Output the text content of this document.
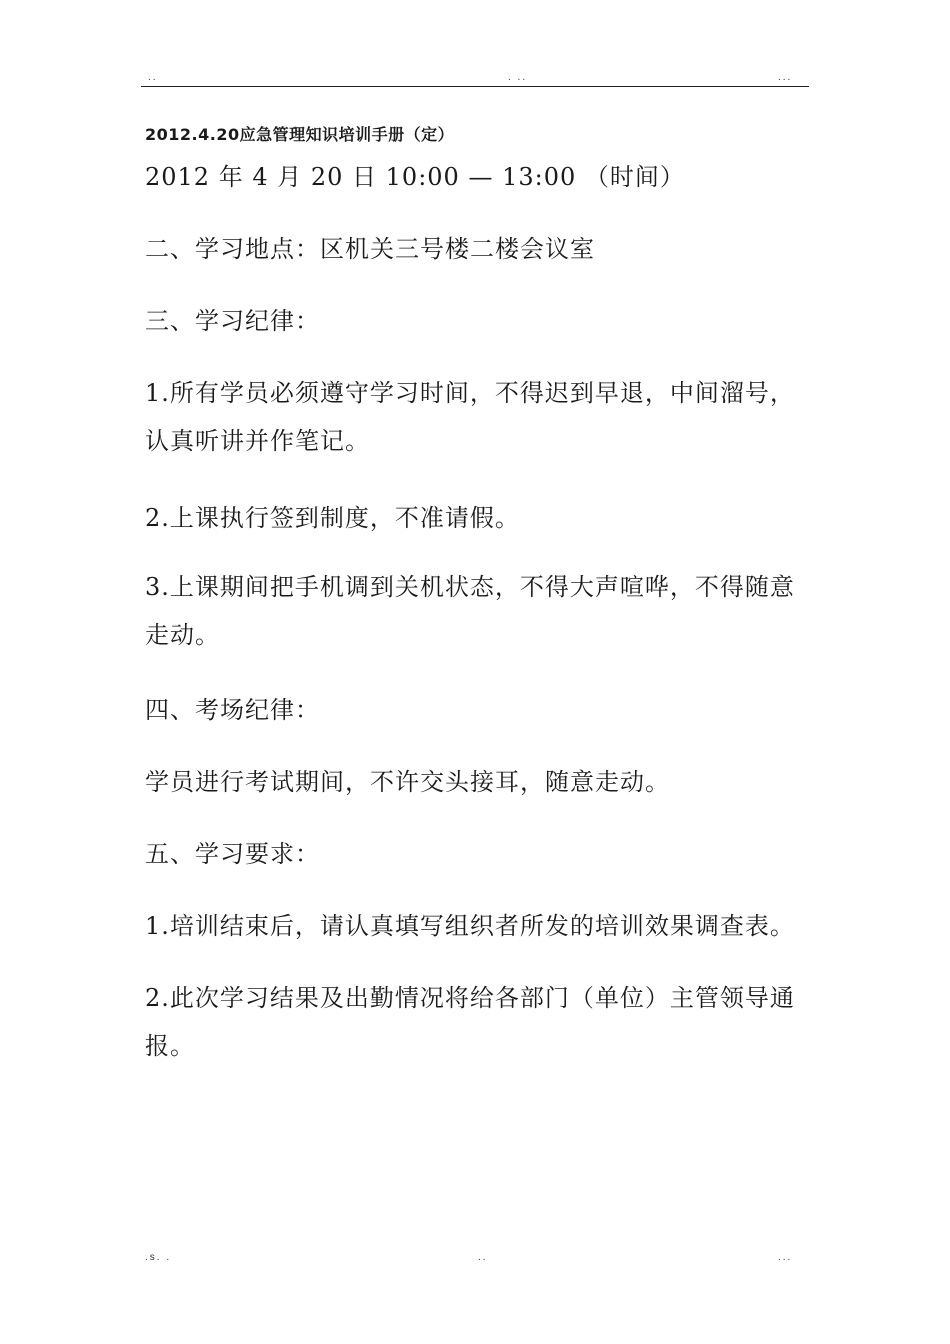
..	. ..	...
2012.4.20应急管理知识培训手册（定）

2012 年 4 月 20 日 10:00 — 13:00 （时间）

二、学习地点：区机关三号楼二楼会议室

三、学习纪律：

1.所有学员必须遵守学习时间，不得迟到早退，中间溜号，认真听讲并作笔记。

2.上课执行签到制度，不准请假。

3.上课期间把手机调到关机状态，不得大声喧哗，不得随意走动。

四、考场纪律：

学员进行考试期间，不许交头接耳，随意走动。

五、学习要求：

1.培训结束后，请认真填写组织者所发的培训效果调查表。

2.此次学习结果及出勤情况将给各部门（单位）主管领导通报。

.s. .	..	...
